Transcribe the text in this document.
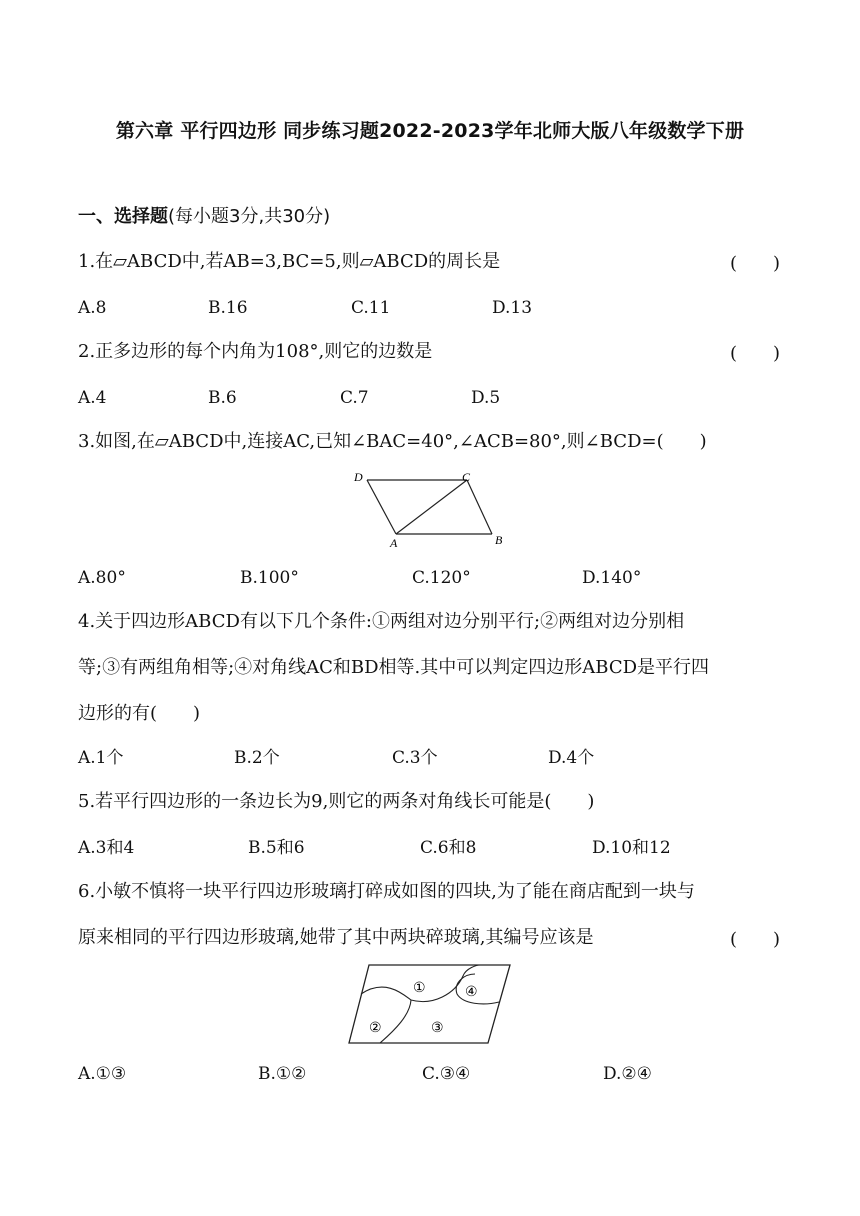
第六章 平行四边形 同步练习题2022-2023学年北师大版八年级数学下册
一、选择题(每小题3分,共30分)
1.在▱ABCD中,若AB=3,BC=5,则▱ABCD的周长是	(　　)
A.8	B.16	C.11	D.13
2.正多边形的每个内角为108°,则它的边数是	(　　)
A.4	B.6	C.7	D.5
3.如图,在▱ABCD中,连接AC,已知∠BAC=40°,∠ACB=80°,则∠BCD=(　　)
D	C
A	B
A.80°	B.100°	C.120°	D.140°
4.关于四边形ABCD有以下几个条件:①两组对边分别平行;②两组对边分别相
等;③有两组角相等;④对角线AC和BD相等.其中可以判定四边形ABCD是平行四
边形的有(　　)
A.1个	B.2个	C.3个	D.4个
5.若平行四边形的一条边长为9,则它的两条对角线长可能是(　　)
A.3和4	B.5和6	C.6和8	D.10和12
6.小敏不慎将一块平行四边形玻璃打碎成如图的四块,为了能在商店配到一块与
原来相同的平行四边形玻璃,她带了其中两块碎玻璃,其编号应该是	(　　)
①
②	③
④
A.①③	B.①②	C.③④	D.②④
